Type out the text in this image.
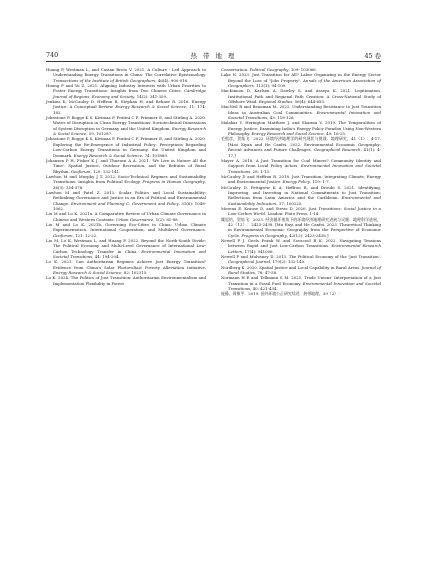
740	热 带 地 理	45 卷

Huang P, Westman L, and Castan Broto V. 2021. A Culture - Led Approach to Understanding Energy Transitions in China: The Correlative Epistemology. Transactions of the Institute of British Geographers, 46(4): 900-916.

Huang P and Yu Z. 2021. Aligning Industry Interests with Urban Priorities to Foster Energy Transitions: Insights from Two Chinese Cities. Cambridge Journal of Regions, Economy and Society, 14(2): 341-359.

Jenkins K, McCauley D, Heffron R, Stephan H, and Rehner R. 2016. Energy Justice: A Conceptual Review. Energy Research & Social Science, 11: 174-182.

Johnstone P, Rogge K S, Kivimaa P, Fratini C F, Primmer E, and Stirling A. 2020. Waves of Disruption in Clean Energy Transitions: Sociotechnical Dimensions of System Disruption in Germany and the United Kingdom. Energy Research & Social Science, 59, 101287.

Johnstone P, Rogge K S, Kivimaa P, Fratini C F, Primmer E, and Stirling A. 2020. Exploring the Re-Emergence of Industrial Policy: Perceptions Regarding Low-Carbon Energy Transitions in Germany, the United Kingdom and Denmark. Energy Research & Social Science, 74: 101889.

Johansen P H, Fisker K J, and Thuesen A A. 2021. 'We Live in Nature All the Time': Spatial Justice, Outdoor Recreation, and the Refrains of Rural Rhythm. Geoforum, 120: 132-141.

Lawhon M and Murphy J T. 2012. Socio-Technical Regimes and Sustainability Transitions: Insights from Political Ecology. Progress in Human Geography, 36(3): 354-378.

Lawhon M and Patel Z. 2013. Scalar Politics and Local Sustainability: Rethinking Governance and Justice in an Era of Political and Environmental Change. Environment and Planning C: Government and Policy, 31(6): 1048-1062.

Liu M and Lo K. 2021a. A Comparative Review of Urban Climate Governance in Chinese and Western Contexts. Urban Governance, 1(2): 81-88.

Liu M and Lo K. 2021b. Governing Eco-Cities in China: Urban Climate Experimentation, International Cooperation, and Multilevel Governance. Geoforum, 121: 12-22.

Liu M, Lo K, Westman L, and Huang P. 2022. Beyond the North-South Divide: The Political Economy and Multi-Level Governance of International Low-Carbon Technology Transfer in China. Environmental Innovation and Societal Transitions, 44: 194-204.

Lo K. 2021. Can Authoritarian Regimes Achieve Just Energy Transition? Evidence from China's Solar Photovoltaic Poverty Alleviation Initiative. Energy Research & Social Science, 82: 102315.

Lo K. 2024. The Politics of Just Transition: Authoritarian Environmentalism and Implementation Flexibility in Forest

Conservation. Political Geography, 109: 103066.

Luke N. 2023. Just Transition for All? Labor Organizing in the Energy Sector Beyond the Loss of "Jobs Property". Annals of the American Association of Geographers, 113(1): 94-109.

MacKinnon D, Karlsen A, Dawley S, and Asseya K. 2021. Legitimation, Institutional Path and Regional Path Creation: A Cross-National Study of Offshore Wind. Regional Studies, 56(4): 644-655.

MacNeil R and Beauman M. 2022. Understanding Resistance to Just Transition Ideas in Australian Coal Communities. Environmental Innovation and Societal Transitions, 43: 118-126.

Malakar Y, Herington Matthew J, and Sharma V. 2019. The Temporalities of Energy Justice: Examining India's Energy Policy Paradox Using Non-Western Philosophy. Energy Research and Social Science, 49: 16-25.

毛熙彦，贺灿飞．2022. 环境经济地理学的研究现状与挑战．地理研究，41（1）：4-17. [Mao Xiyan and He Canfei. 2022. Environmental Economic Geography: Recent Advances and Future Challenges. Geographical Research, 41(1): 4-17.]

Mayer A. 2018. A Just Transition for Coal Miners? Community Identity and Support from Local Policy Actors. Environmental Innovation and Societal Transitions, 28: 1-13.

McCauley D and Heffron R. 2018. Just Transition: Integrating Climate, Energy and Environmental Justice. Energy Policy, 119: 1-7.

McCauley D, Pettigrew K A, Heffron R, and Droubi S. 2021. Identifying, Improving, and Investing in National Commitments to Just Transition: Reflections from Latin America and the Caribbean. Environmental and Sustainability Indicators, 17: 100225.

Morena E, Krause D, and Stevis D. 2020. Just Transitions: Social Justice in a Low-Carbon World. London: Pluto Press, 1-14.

糜思怡，贺灿飞．2023. 经济循环视角下的环境经济地理研究进展与议题．地理科学进展，42（12）：2423-2438. [Mu Enyi and He Canfei. 2023. Theoretical Thinking in Environmental Economic Geography from the Perspective of Economic Cycle. Progress in Geography, 42(12): 2423-2438.]

Newell P J, Geels Frank W, and Sovacool B K. 2022. Navigating Tensions between Rapid and Just Low-Carbon Transitions. Environmental Research Letters, 17(4): 041006.

Newell P and Mulvaney D. 2013. The Political Economy of the 'Just Transition'. Geographical Journal, 179(2): 132-140.

Nordberg K. 2020. Spatial Justice and Local Capability in Rural Areas. Journal of Rural Studies, 78: 47-58.

Normann H E and Tellmann S M. 2021. Trade Unions' Interpretation of a Just Transition in a Fossil Fuel Economy. Environmental Innovation and Societal Transitions, 40: 421-434.

庞静，周敏平．2019. 国外环境公正研究综述．热带地理，39（2）：
